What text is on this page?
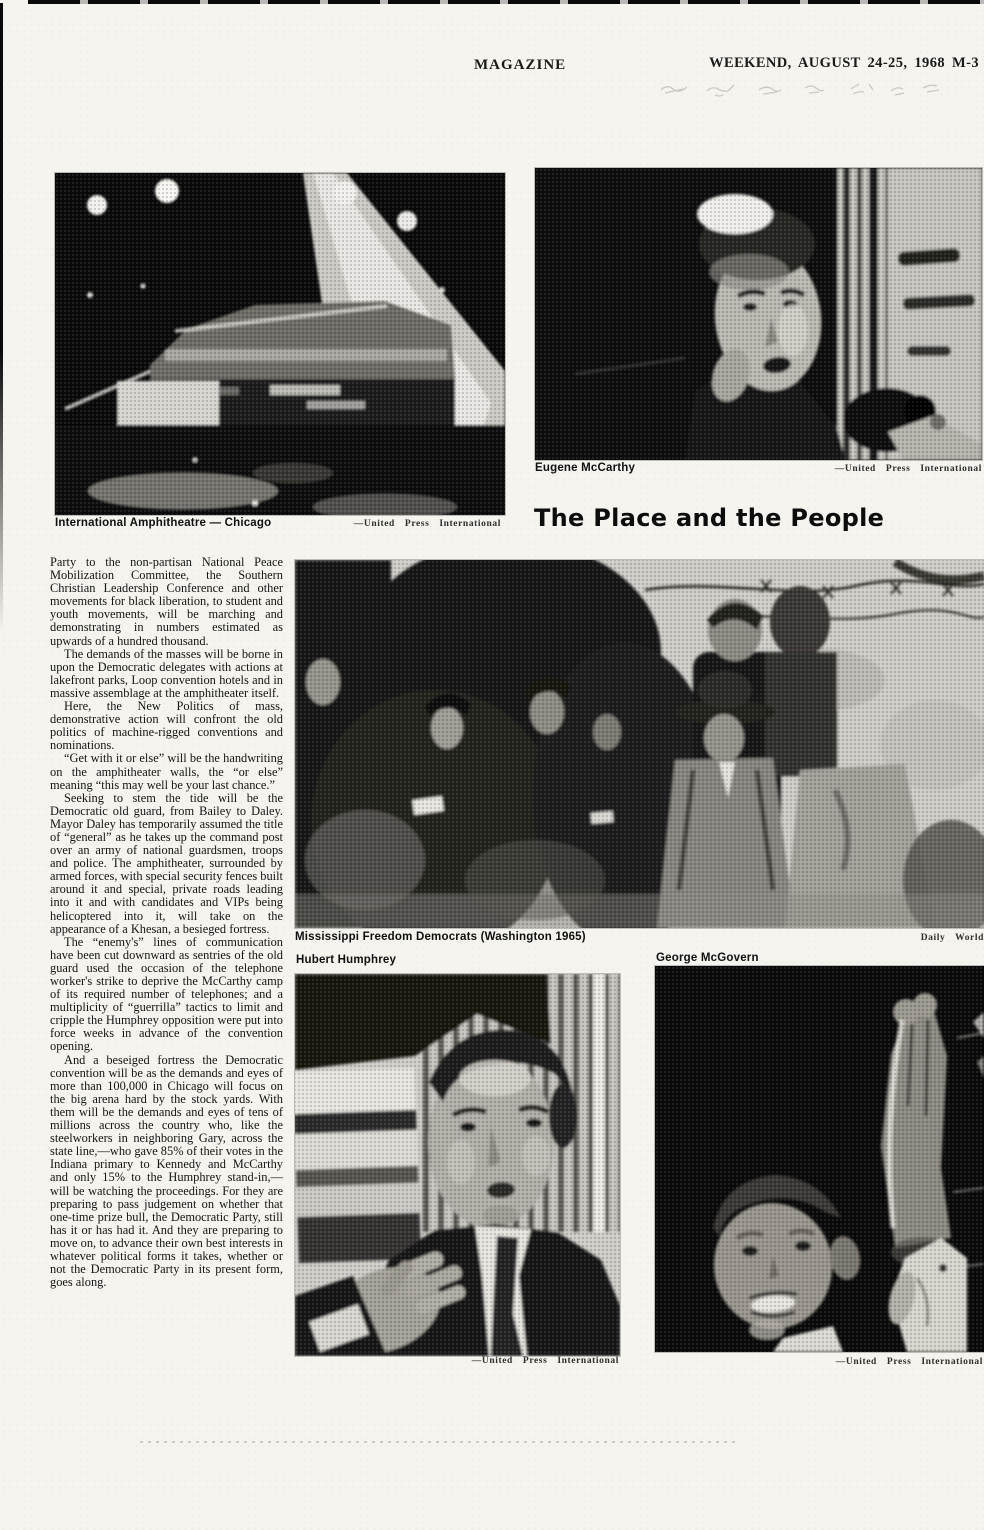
MAGAZINE	WEEKEND, AUGUST 24-25, 1968 M-3
International Amphitheatre — Chicago	—United Press International
Eugene McCarthy	—United Press International
The Place and the People

Party to the non-partisan National Peace Mobilization Committee, the Southern Christian Leadership Conference and other movements for black liberation, to student and youth movements, will be marching and demonstrating in numbers estimated as upwards of a hundred thousand.

The demands of the masses will be borne in upon the Democratic delegates with actions at lakefront parks, Loop convention hotels and in massive assemblage at the amphitheater itself.

Here, the New Politics of mass, demonstrative action will confront the old politics of machine-rigged conventions and nominations.

“Get with it or else” will be the handwriting on the amphitheater walls, the “or else” meaning “this may well be your last chance.”

Seeking to stem the tide will be the Democratic old guard, from Bailey to Daley. Mayor Daley has temporarily assumed the title of “general” as he takes up the command post over an army of national guardsmen, troops and police. The amphitheater, surrounded by armed forces, with special security fences built around it and special, private roads leading into it and with candidates and VIPs being helicoptered into it, will take on the appearance of a Khesan, a besieged fortress.

The “enemy's” lines of communication have been cut downward as sentries of the old guard used the occasion of the telephone worker's strike to deprive the McCarthy camp of its required number of telephones; and a multiplicity of “guerrilla” tactics to limit and cripple the Humphrey opposition were put into force weeks in advance of the convention opening.

And a beseiged fortress the Democratic convention will be as the demands and eyes of more than 100,000 in Chicago will focus on the big arena hard by the stock yards. With them will be the demands and eyes of tens of millions across the country who, like the steelworkers in neighboring Gary, across the state line,—who gave 85% of their votes in the Indiana primary to Kennedy and McCarthy and only 15% to the Humphrey stand-in,—will be watching the proceedings. For they are preparing to pass judgement on whether that one-time prize bull, the Democratic Party, still has it or has had it. And they are preparing to move on, to advance their own best interests in whatever political forms it takes, whether or not the Democratic Party in its present form, goes along.

Mississippi Freedom Democrats (Washington 1965)	Daily World
Hubert Humphrey	George McGovern
—United Press International	—United Press International
